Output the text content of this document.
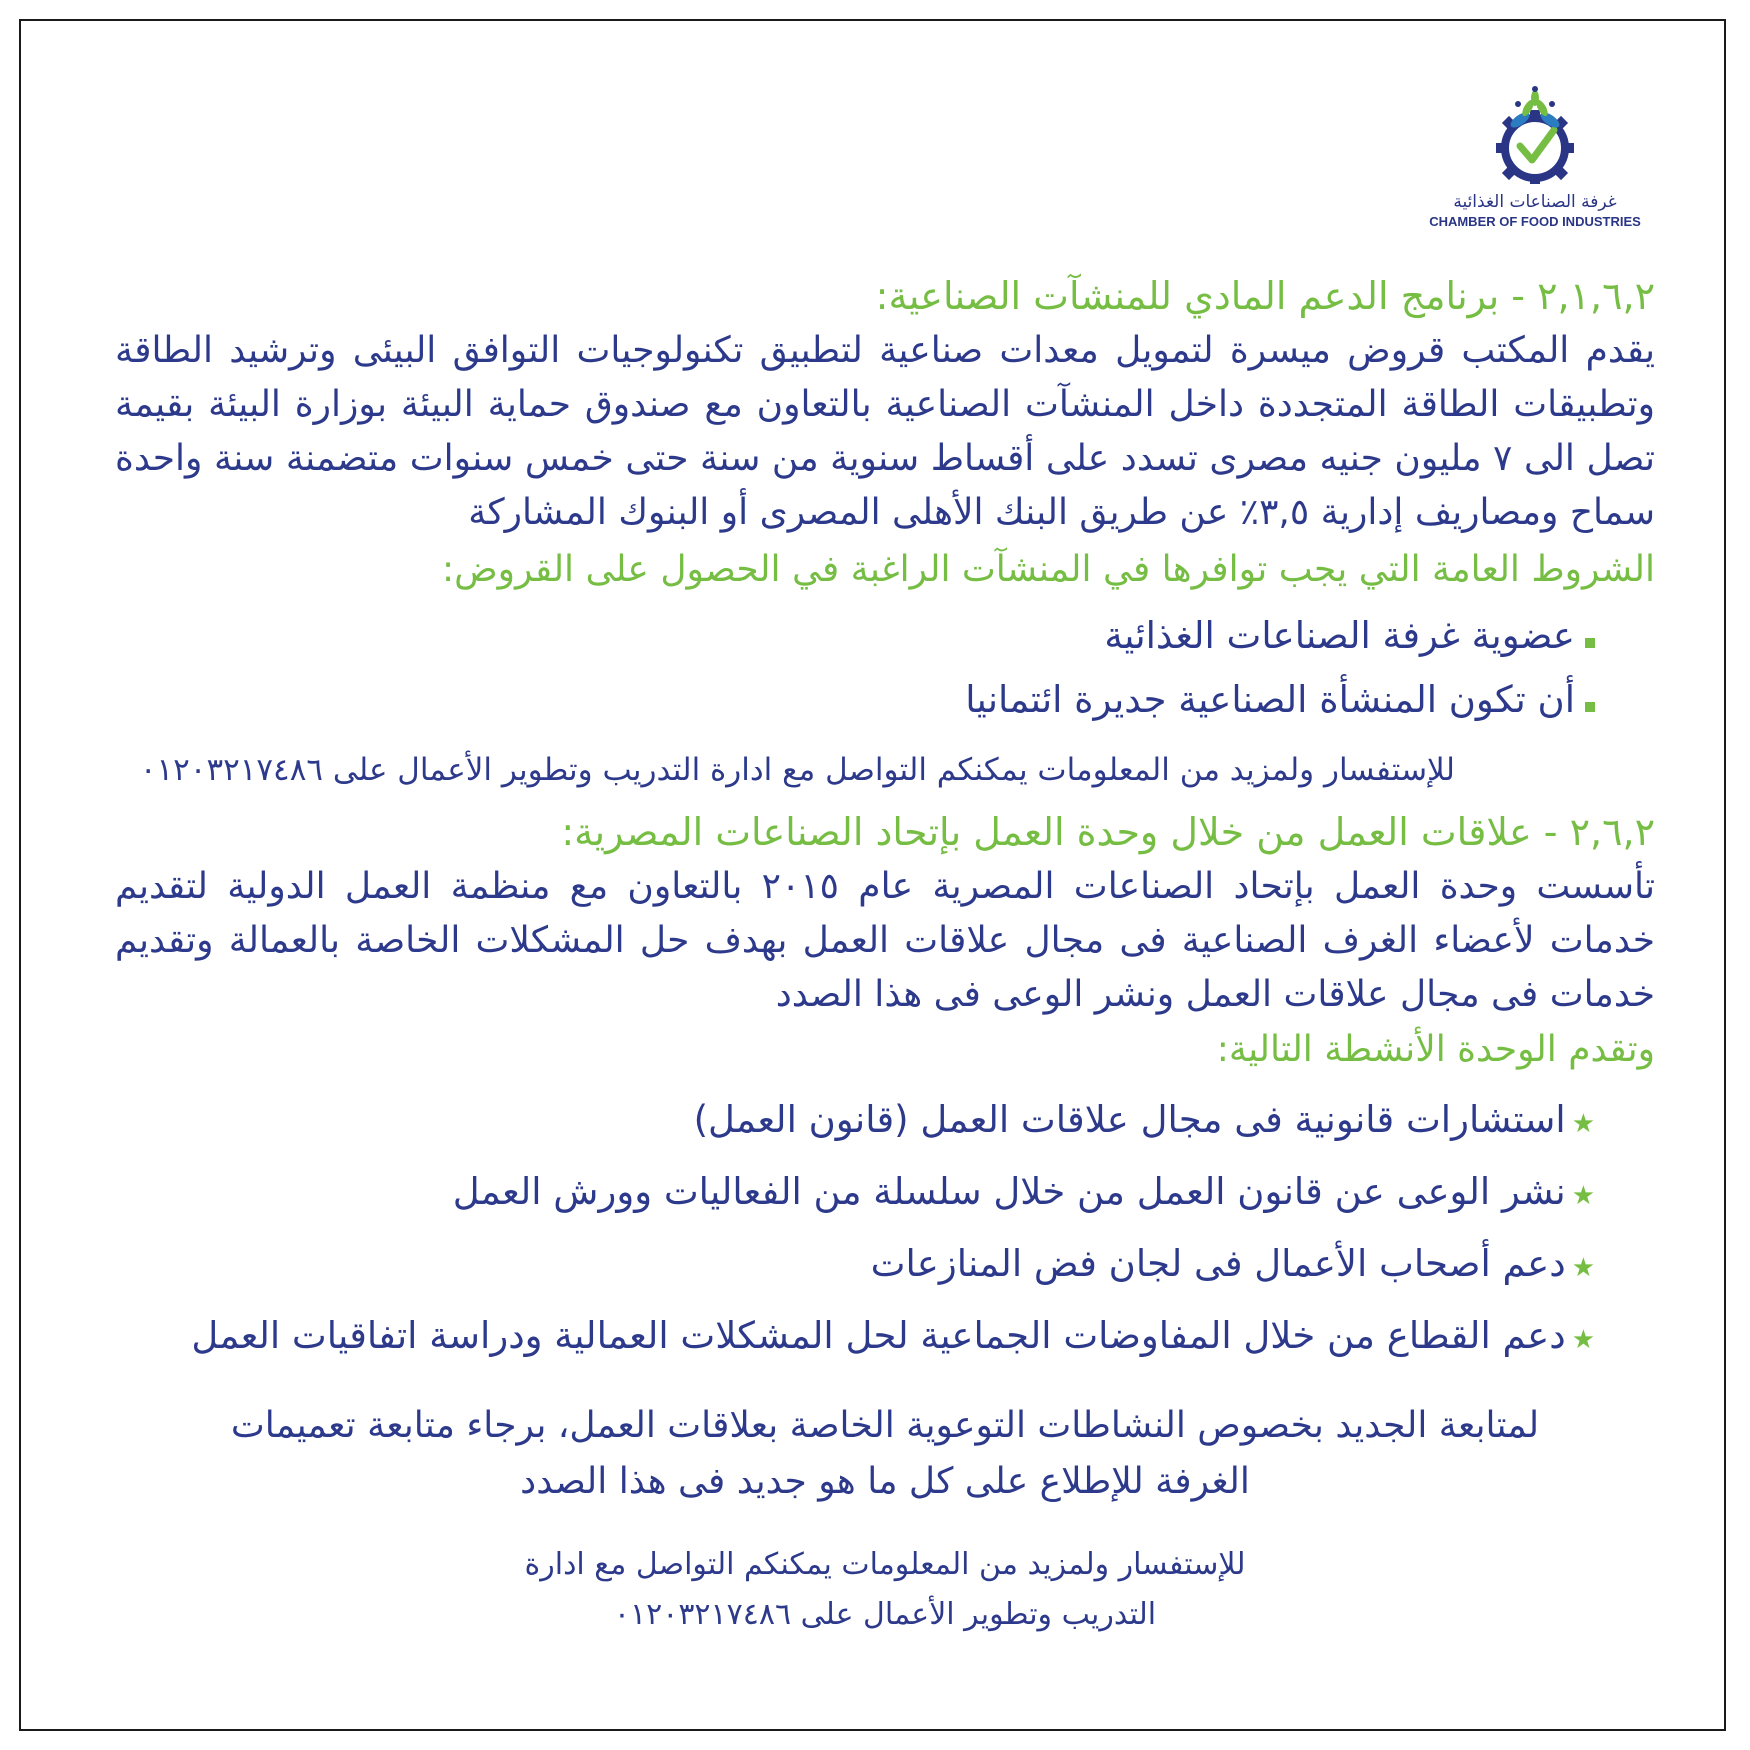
غرفة الصناعات الغذائية
CHAMBER OF FOOD INDUSTRIES
٢,١,٦,٢ - برنامج الدعم المادي للمنشآت الصناعية:
يقدم المكتب قروض ميسرة لتمويل معدات صناعية لتطبيق تكنولوجيات التوافق البيئى وترشيد الطاقة وتطبيقات الطاقة المتجددة داخل المنشآت الصناعية بالتعاون مع صندوق حماية البيئة بوزارة البيئة بقيمة تصل الى ٧ مليون جنيه مصرى تسدد على أقساط سنوية من سنة حتى خمس سنوات متضمنة سنة واحدة سماح ومصاريف إدارية ٣,٥٪ عن طريق البنك الأهلى المصرى أو البنوك المشاركة
الشروط العامة التي يجب توافرها في المنشآت الراغبة في الحصول على القروض:
عضوية غرفة الصناعات الغذائية
أن تكون المنشأة الصناعية جديرة ائتمانيا
للإستفسار ولمزيد من المعلومات يمكنكم التواصل مع ادارة التدريب وتطوير الأعمال على ٠١٢٠٣٢١٧٤٨٦
٢,٦,٢ - علاقات العمل من خلال وحدة العمل بإتحاد الصناعات المصرية:
تأسست وحدة العمل بإتحاد الصناعات المصرية عام ٢٠١٥ بالتعاون مع منظمة العمل الدولية لتقديم خدمات لأعضاء الغرف الصناعية فى مجال علاقات العمل بهدف حل المشكلات الخاصة بالعمالة وتقديم خدمات فى مجال علاقات العمل ونشر الوعى فى هذا الصدد
وتقدم الوحدة الأنشطة التالية:
★
استشارات قانونية فى مجال علاقات العمل (قانون العمل)
★
نشر الوعى عن قانون العمل من خلال سلسلة من الفعاليات وورش العمل
★
دعم أصحاب الأعمال فى لجان فض المنازعات
★
دعم القطاع من خلال المفاوضات الجماعية لحل المشكلات العمالية ودراسة اتفاقيات العمل
لمتابعة الجديد بخصوص النشاطات التوعوية الخاصة بعلاقات العمل، برجاء متابعة تعميمات
الغرفة للإطلاع على كل ما هو جديد فى هذا الصدد
للإستفسار ولمزيد من المعلومات يمكنكم التواصل مع ادارة
التدريب وتطوير الأعمال على ٠١٢٠٣٢١٧٤٨٦
